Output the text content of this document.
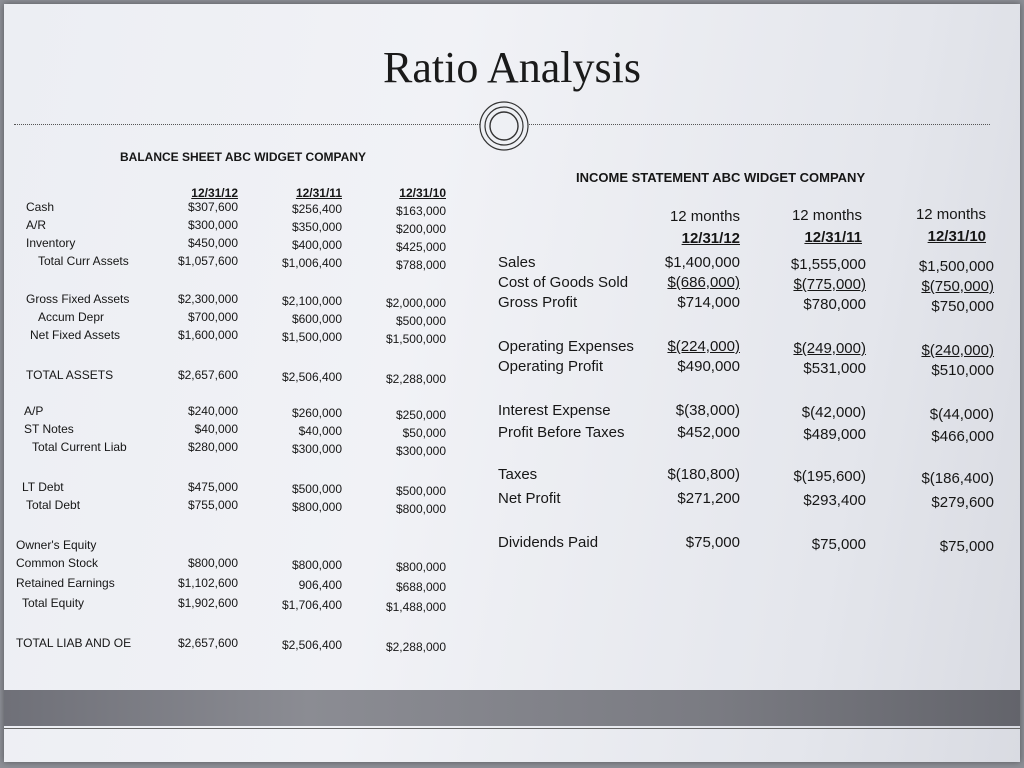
Ratio Analysis
BALANCE SHEET ABC WIDGET COMPANY
INCOME STATEMENT ABC WIDGET COMPANY
12/31/12	12/31/11	12/31/10
Cash	$307,600	$256,400	$163,000
A/R	$300,000	$350,000	$200,000
Inventory	$450,000	$400,000	$425,000
Total Curr Assets	$1,057,600	$1,006,400	$788,000
Gross Fixed Assets	$2,300,000	$2,100,000	$2,000,000
Accum Depr	$700,000	$600,000	$500,000
Net Fixed Assets	$1,600,000	$1,500,000	$1,500,000
TOTAL ASSETS	$2,657,600	$2,506,400	$2,288,000
A/P	$240,000	$260,000	$250,000
ST Notes	$40,000	$40,000	$50,000
Total Current Liab	$280,000	$300,000	$300,000
LT Debt	$475,000	$500,000	$500,000
Total Debt	$755,000	$800,000	$800,000
Owner's Equity
Common Stock	$800,000	$800,000	$800,000
Retained Earnings	$1,102,600	906,400	$688,000
Total Equity	$1,902,600	$1,706,400	$1,488,000
TOTAL LIAB AND OE	$2,657,600	$2,506,400	$2,288,000
12 months	12 months	12 months
12/31/12	12/31/11	12/31/10
Sales	$1,400,000	$1,555,000	$1,500,000
Cost of Goods Sold	$(686,000)	$(775,000)	$(750,000)
Gross Profit	$714,000	$780,000	$750,000
Operating Expenses	$(224,000)	$(249,000)	$(240,000)
Operating Profit	$490,000	$531,000	$510,000
Interest Expense	$(38,000)	$(42,000)	$(44,000)
Profit Before Taxes	$452,000	$489,000	$466,000
Taxes	$(180,800)	$(195,600)	$(186,400)
Net Profit	$271,200	$293,400	$279,600
Dividends Paid	$75,000	$75,000	$75,000
